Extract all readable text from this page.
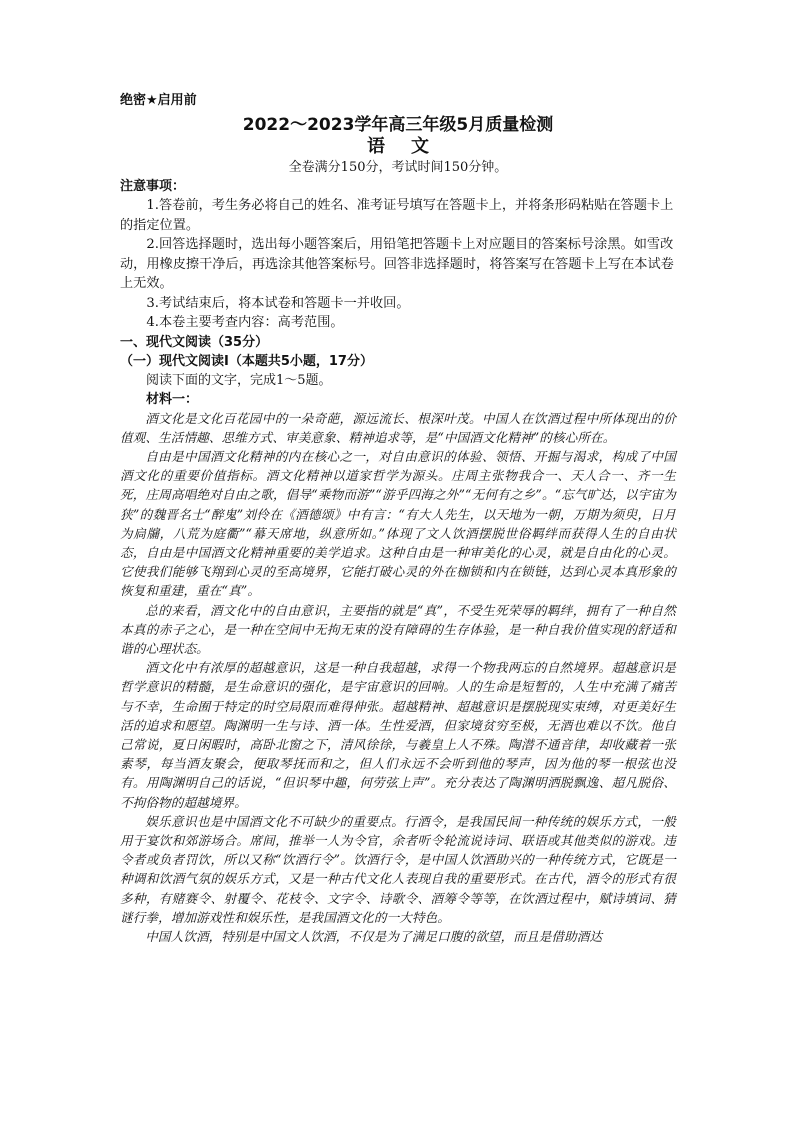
绝密★启用前
2022～2023学年高三年级5月质量检测
语文
全卷满分150分，考试时间150分钟。
注意事项：

1.答卷前，考生务必将自己的姓名、准考证号填写在答题卡上，并将条形码粘贴在答题卡上的指定位置。

2.回答选择题时，选出每小题答案后，用铅笔把答题卡上对应题目的答案标号涂黑。如雪改动，用橡皮擦干净后，再选涂其他答案标号。回答非选择题时，将答案写在答题卡上写在本试卷上无效。

3.考试结束后，将本试卷和答题卡一并收回。

4.本卷主要考查内容：高考范围。

一、现代文阅读（35分）
（一）现代文阅读Ⅰ（本题共5小题，17分）
阅读下面的文字，完成1～5题。
材料一：

酒文化是文化百花园中的一朵奇葩，源远流长、根深叶茂。中国人在饮酒过程中所体现出的价值观、生活情趣、思维方式、审美意象、精神追求等，是“中国酒文化精神”的核心所在。

自由是中国酒文化精神的内在核心之一，对自由意识的体验、领悟、开掘与渴求，构成了中国酒文化的重要价值指标。酒文化精神以道家哲学为源头。庄周主张物我合一、天人合一、齐一生死，庄周高唱绝对自由之歌，倡导“乘物而游”“游乎四海之外”“无何有之乡”。“忘气旷达，以宇宙为狭”的魏晋名士“醉鬼”刘伶在《酒德颂》中有言：“有大人先生，以天地为一朝，万期为须臾，日月为扃牖，八荒为庭衢”“幕天席地，纵意所如。”体现了文人饮酒摆脱世俗羁绊而获得人生的自由状态，自由是中国酒文化精神重要的美学追求。这种自由是一种审美化的心灵，就是自由化的心灵。它使我们能够飞翔到心灵的至高境界，它能打破心灵的外在枷锁和内在锁链，达到心灵本真形象的恢复和重建，重在“真”。

总的来看，酒文化中的自由意识，主要指的就是“真”，不受生死荣辱的羁绊，拥有了一种自然本真的赤子之心，是一种在空间中无拘无束的没有障碍的生存体验，是一种自我价值实现的舒适和谐的心理状态。

酒文化中有浓厚的超越意识，这是一种自我超越，求得一个物我两忘的自然境界。超越意识是哲学意识的精髓，是生命意识的强化，是宇宙意识的回响。人的生命是短暂的，人生中充满了痛苦与不幸，生命囿于特定的时空局限而难得伸张。超越精神、超越意识是摆脱现实束缚，对更美好生活的追求和愿望。陶渊明一生与诗、酒一体。生性爱酒，但家境贫穷至极，无酒也难以不饮。他自己常说，夏日闲暇时，高卧北窗之下，清风徐徐，与羲皇上人不殊。陶潜不通音律，却收藏着一张素琴，每当酒友聚会，便取琴抚而和之，但人们永远不会听到他的琴声，因为他的琴一根弦也没有。用陶渊明自己的话说，“但识琴中趣，何劳弦上声”。充分表达了陶渊明洒脱飘逸、超凡脱俗、不拘俗物的超越境界。

娱乐意识也是中国酒文化不可缺少的重要点。行酒令，是我国民间一种传统的娱乐方式，一般用于宴饮和郊游场合。席间，推举一人为令官，余者听令轮流说诗词、联语或其他类似的游戏。违令者或负者罚饮，所以又称“饮酒行令”。饮酒行令，是中国人饮酒助兴的一种传统方式，它既是一种调和饮酒气氛的娱乐方式，又是一种古代文化人表现自我的重要形式。在古代，酒令的形式有很多种，有赌赛令、射覆令、花枝令、文字令、诗歌令、酒筹令等等，在饮酒过程中，赋诗填词、猜谜行拳，增加游戏性和娱乐性，是我国酒文化的一大特色。

中国人饮酒，特别是中国文人饮酒，不仅是为了满足口腹的欲望，而且是借助酒达
